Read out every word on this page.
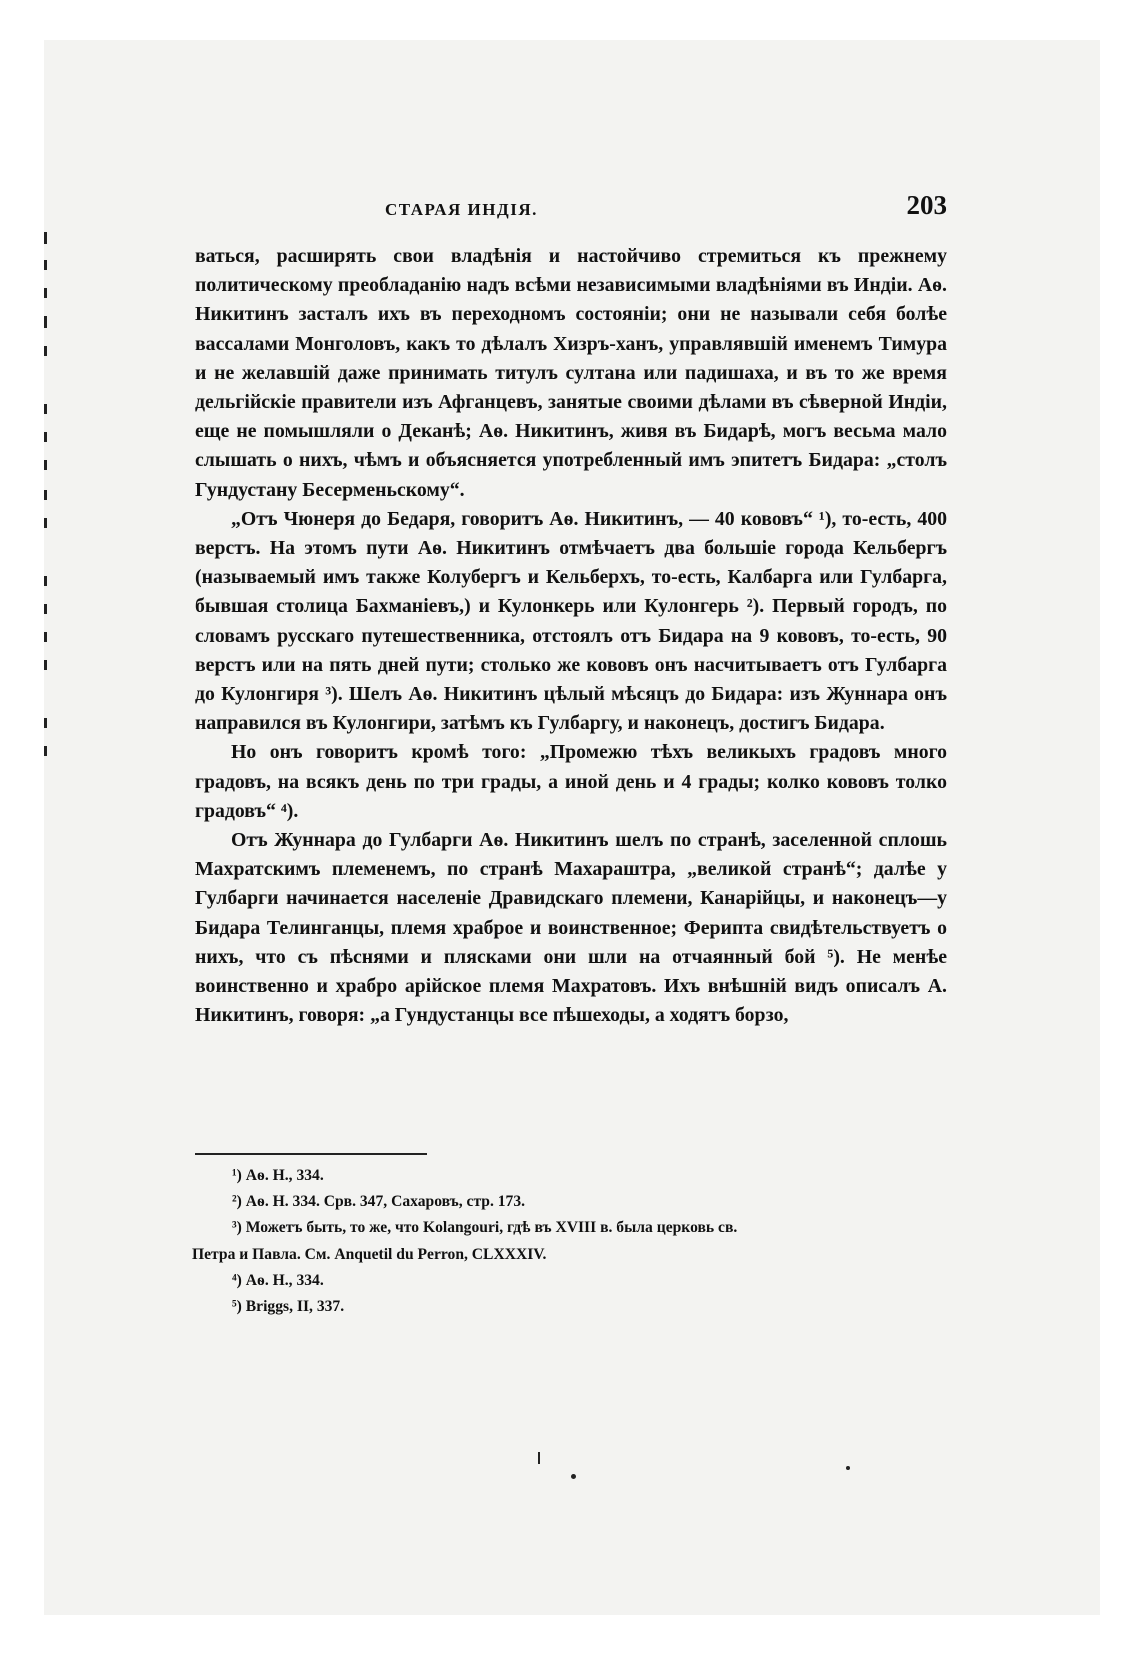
СТАРАЯ ИНДІЯ.	203

ваться, расширять свои владѣнія и настойчиво стремиться къ прежнему политическому преобладанію надъ всѣми независимыми владѣніями въ Индіи. Аѳ. Никитинъ засталъ ихъ въ переходномъ состояніи; они не называли себя болѣе вассалами Монголовъ, какъ то дѣлалъ Хизръ-ханъ, управлявшій именемъ Тимура и не желавшій даже принимать титулъ султана или падишаха, и въ то же время дельгійскіе правители изъ Афганцевъ, занятые своими дѣлами въ сѣверной Индіи, еще не помышляли о Деканѣ; Аѳ. Никитинъ, живя въ Бидарѣ, могъ весьма мало слышать о нихъ, чѣмъ и объясняется употребленный имъ эпитетъ Бидара: „столъ Гундустану Бесерменьскому“.

„Отъ Чюнеря до Бедаря, говоритъ Аѳ. Никитинъ, — 40 кововъ“ ¹), то-есть, 400 верстъ. На этомъ пути Аѳ. Никитинъ отмѣчаетъ два большіе города Кельбергъ (называемый имъ также Колубергъ и Кельберхъ, то-есть, Калбарга или Гулбарга, бывшая столица Бахманіевъ,) и Кулонкерь или Кулонгерь ²). Первый городъ, по словамъ русскаго путешественника, отстоялъ отъ Бидара на 9 кововъ, то-есть, 90 верстъ или на пять дней пути; столько же кововъ онъ насчитываетъ отъ Гулбарга до Кулонгиря ³). Шелъ Аѳ. Никитинъ цѣлый мѣсяцъ до Бидара: изъ Жуннара онъ направился въ Кулонгири, затѣмъ къ Гулбаргу, и наконецъ, достигъ Бидара.

Но онъ говоритъ кромѣ того: „Промежю тѣхъ великыхъ градовъ много градовъ, на всякъ день по три грады, а иной день и 4 грады; колко кововъ толко градовъ“ ⁴).

Отъ Жуннара до Гулбарги Аѳ. Никитинъ шелъ по странѣ, заселенной сплошь Махратскимъ племенемъ, по странѣ Махараштра, „великой странѣ“; далѣе у Гулбарги начинается населеніе Дравидскаго племени, Канарійцы, и наконецъ—у Бидара Телинганцы, племя храброе и воинственное; Ферипта свидѣтельствуетъ о нихъ, что съ пѣснями и плясками они шли на отчаянный бой ⁵). Не менѣе воинственно и храбро арійское племя Махратовъ. Ихъ внѣшній видъ описалъ А. Никитинъ, говоря: „а Гундустанцы все пѣшеходы, а ходятъ борзо,

¹) Аѳ. Н., 334.

²) Аѳ. Н. 334. Срв. 347, Сахаровъ, стр. 173.

³) Можетъ быть, то же, что Kolangouri, гдѣ въ XVIII в. была церковь св.

Петра и Павла. См. Anquetil du Perron, CLXXXIV.

⁴) Аѳ. Н., 334.

⁵) Briggs, II, 337.
